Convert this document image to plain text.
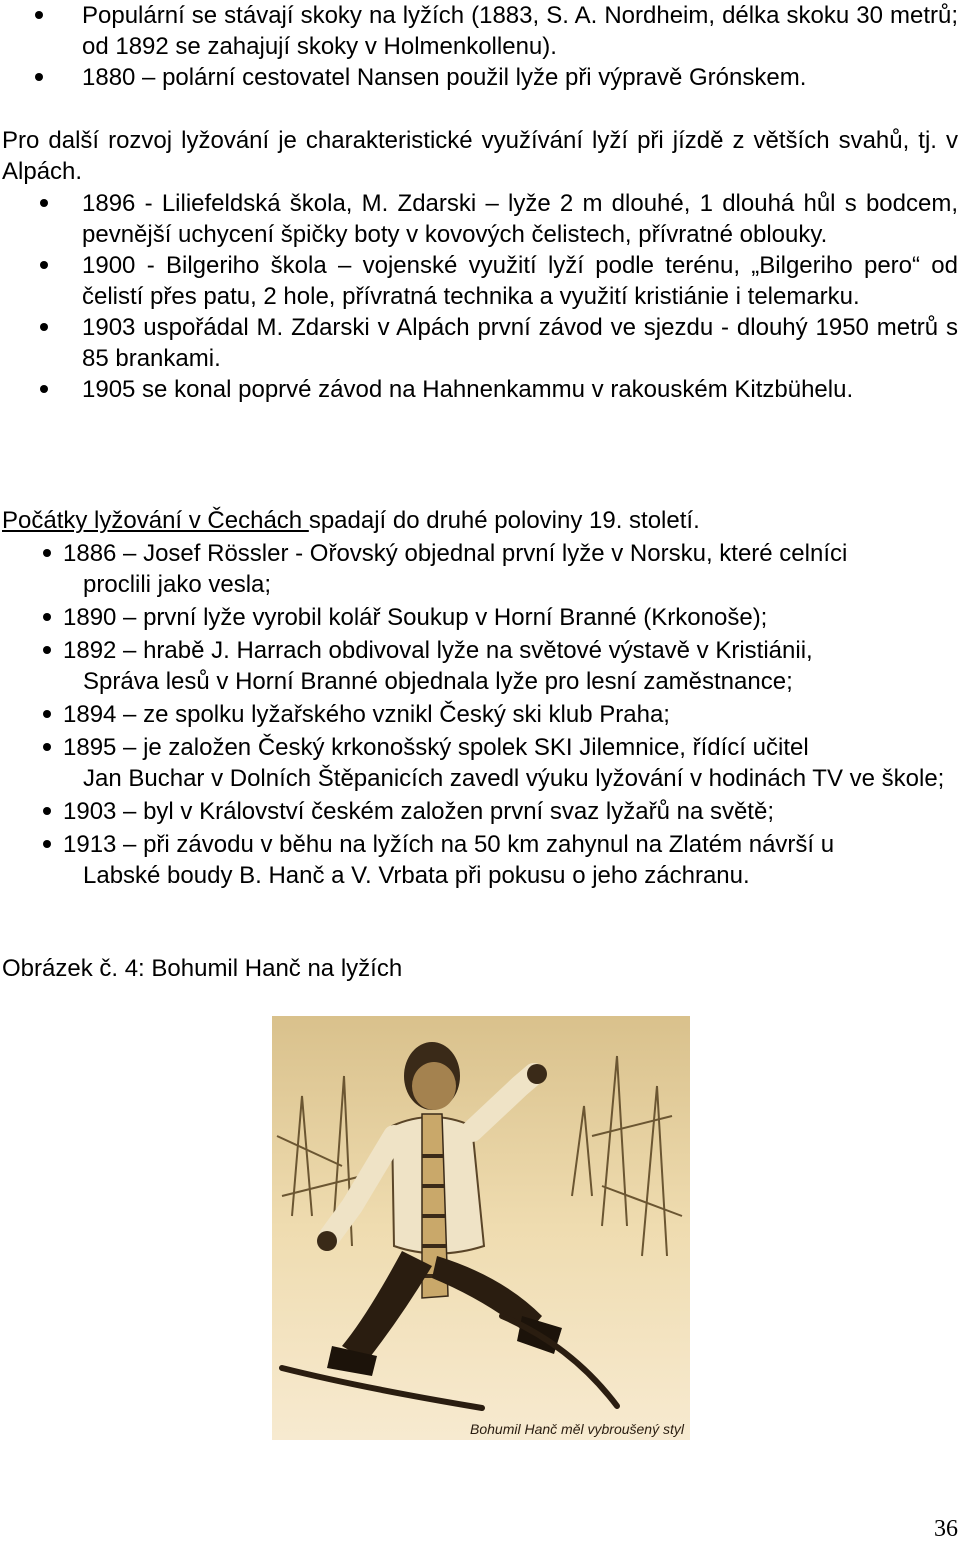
Populární se stávají skoky na lyžích (1883, S. A. Nordheim, délka skoku 30 metrů; od 1892 se zahajují skoky v Holmenkollenu).
1880 – polární cestovatel Nansen použil lyže při výpravě Grónskem.

Pro další rozvoj lyžování je charakteristické využívání lyží při jízdě z větších svahů, tj. v Alpách.

1896 - Liliefeldská škola, M. Zdarski – lyže 2 m dlouhé, 1 dlouhá hůl s bodcem, pevnější uchycení špičky boty v kovových čelistech, přívratné oblouky.
1900 - Bilgeriho škola – vojenské využití lyží podle terénu, „Bilgeriho pero“ od čelistí přes patu, 2 hole, přívratná technika a využití kristiánie i telemarku.
1903 uspořádal M. Zdarski v Alpách první závod ve sjezdu - dlouhý 1950 metrů s 85 brankami.
1905 se konal poprvé závod na Hahnenkammu v rakouském Kitzbühelu.

Počátky lyžování v Čechách spadají do druhé poloviny 19. století.

1886 – Josef Rössler - Ořovský objednal první lyže v Norsku, které celníci
proclili jako vesla;
1890 – první lyže vyrobil kolář Soukup v Horní Branné (Krkonoše);
1892 – hrabě J. Harrach obdivoval lyže na světové výstavě v Kristiánii,
Správa lesů v Horní Branné objednala lyže pro lesní zaměstnance;
1894 – ze spolku lyžařského vznikl Český ski klub Praha;
1895 – je založen Český krkonošský spolek SKI Jilemnice, řídící učitel
Jan Buchar v Dolních Štěpanicích zavedl výuku lyžování v hodinách TV ve škole;
1903 – byl v Království českém založen první svaz lyžařů na světě;
1913 – při závodu v běhu na lyžích na 50 km zahynul na Zlatém návrší u
Labské boudy B. Hanč a V. Vrbata při pokusu o jeho záchranu.
Obrázek č. 4: Bohumil Hanč na lyžích
Bohumil Hanč měl vybroušený styl
36
